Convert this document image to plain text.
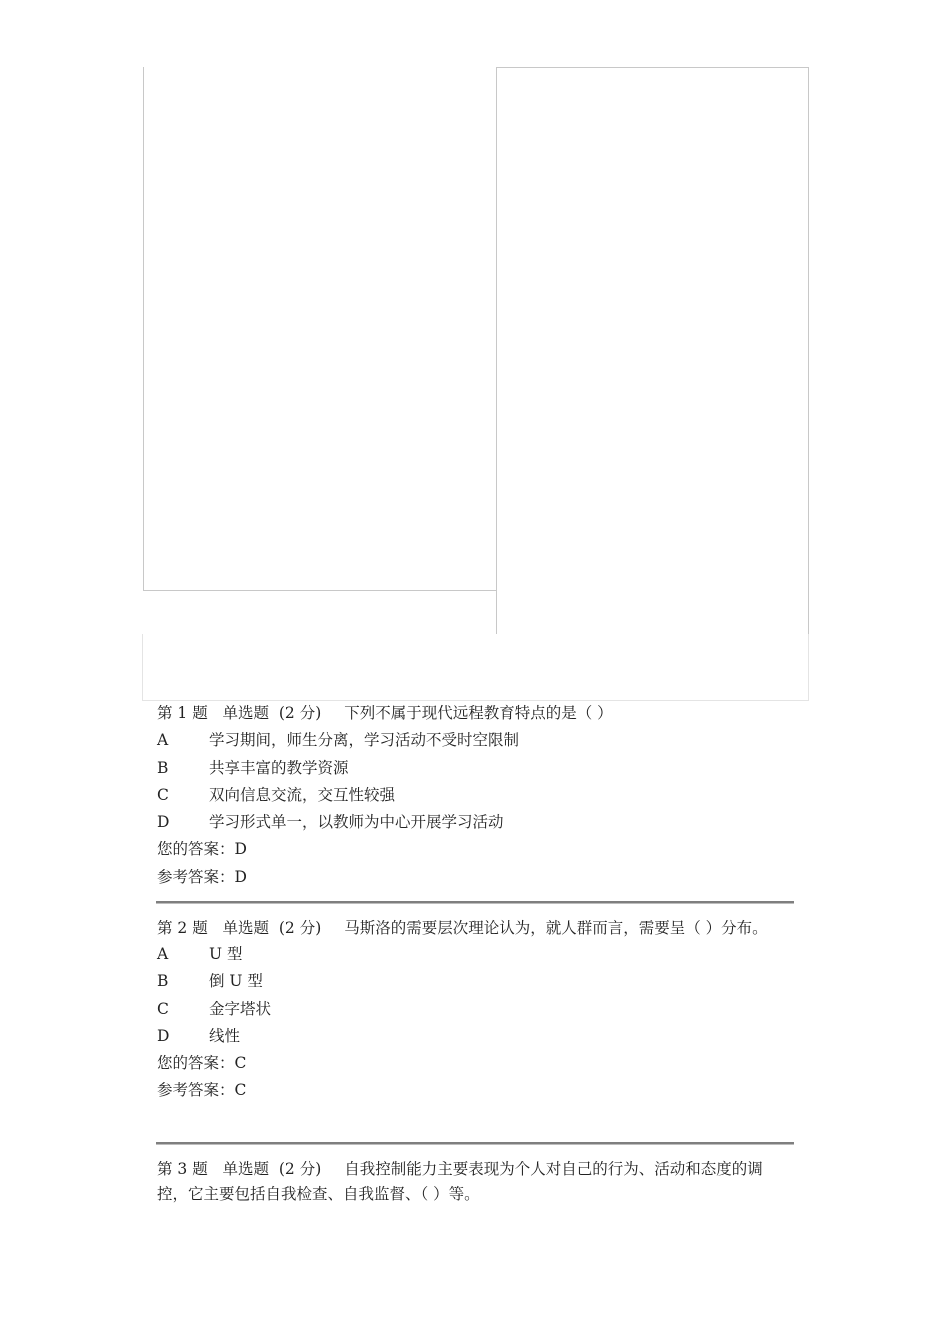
第 1 题 单选题 (2 分) 下列不属于现代远程教育特点的是（ ）
A	学习期间，师生分离，学习活动不受时空限制
B	共享丰富的教学资源
C	双向信息交流，交互性较强
D	学习形式单一，以教师为中心开展学习活动
您的答案：D
参考答案：D
第 2 题 单选题 (2 分) 马斯洛的需要层次理论认为，就人群而言，需要呈（ ）分布。
A	U 型
B	倒 U 型
C	金字塔状
D	线性
您的答案：C
参考答案：C
第 3 题 单选题 (2 分) 自我控制能力主要表现为个人对自己的行为、活动和态度的调控，它主要包括自我检查、自我监督、（ ）等。
